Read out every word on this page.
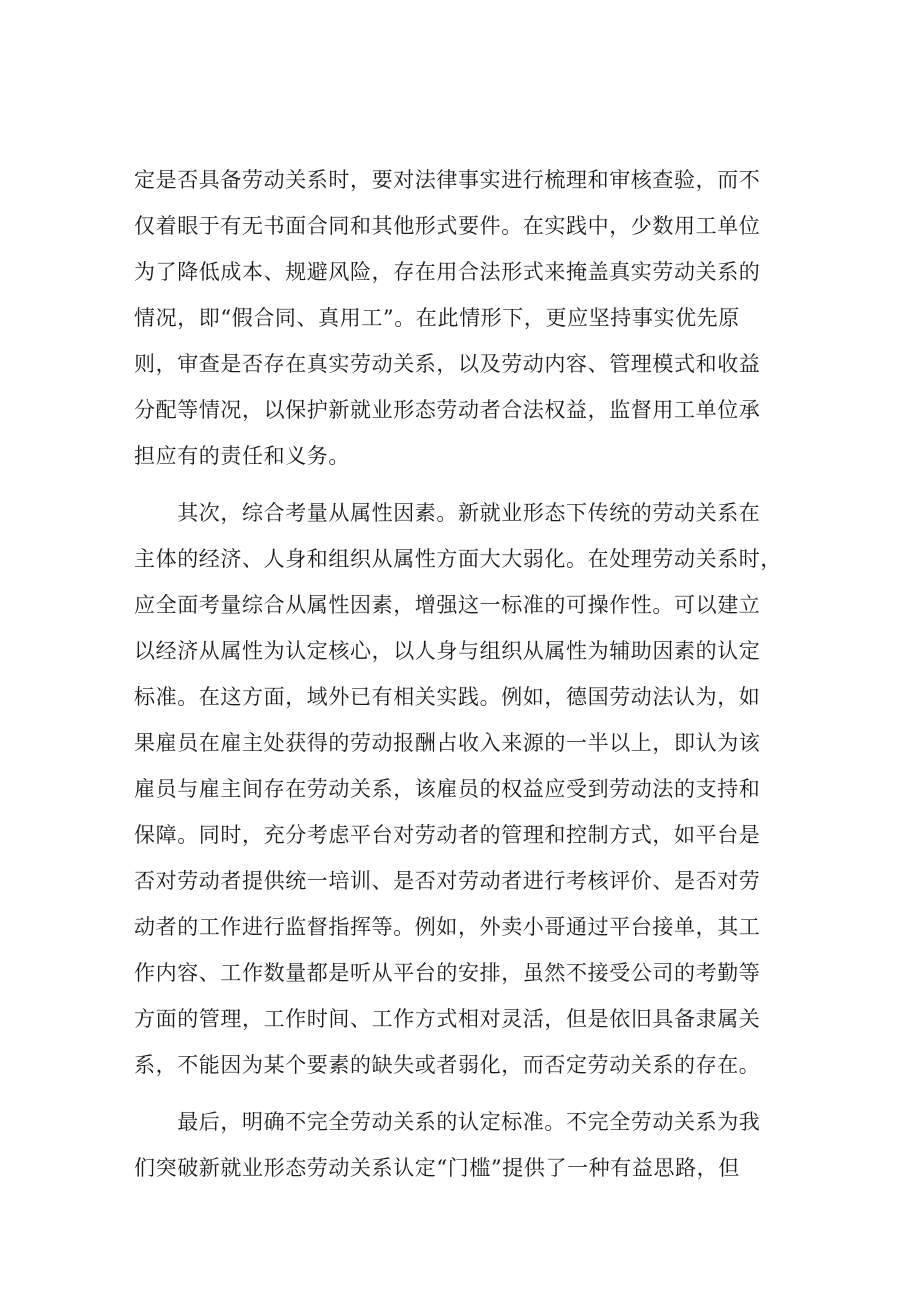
定是否具备劳动关系时，要对法律事实进行梳理和审核查验，而不
仅着眼于有无书面合同和其他形式要件。在实践中，少数用工单位
为了降低成本、规避风险，存在用合法形式来掩盖真实劳动关系的
情况，即“假合同、真用工”。在此情形下，更应坚持事实优先原
则，审查是否存在真实劳动关系，以及劳动内容、管理模式和收益
分配等情况，以保护新就业形态劳动者合法权益，监督用工单位承
担应有的责任和义务。
　　其次，综合考量从属性因素。新就业形态下传统的劳动关系在
主体的经济、人身和组织从属性方面大大弱化。在处理劳动关系时，
应全面考量综合从属性因素，增强这一标准的可操作性。可以建立
以经济从属性为认定核心，以人身与组织从属性为辅助因素的认定
标准。在这方面，域外已有相关实践。例如，德国劳动法认为，如
果雇员在雇主处获得的劳动报酬占收入来源的一半以上，即认为该
雇员与雇主间存在劳动关系，该雇员的权益应受到劳动法的支持和
保障。同时，充分考虑平台对劳动者的管理和控制方式，如平台是
否对劳动者提供统一培训、是否对劳动者进行考核评价、是否对劳
动者的工作进行监督指挥等。例如，外卖小哥通过平台接单，其工
作内容、工作数量都是听从平台的安排，虽然不接受公司的考勤等
方面的管理，工作时间、工作方式相对灵活，但是依旧具备隶属关
系，不能因为某个要素的缺失或者弱化，而否定劳动关系的存在。
　　最后，明确不完全劳动关系的认定标准。不完全劳动关系为我
们突破新就业形态劳动关系认定“门槛”提供了一种有益思路，但
